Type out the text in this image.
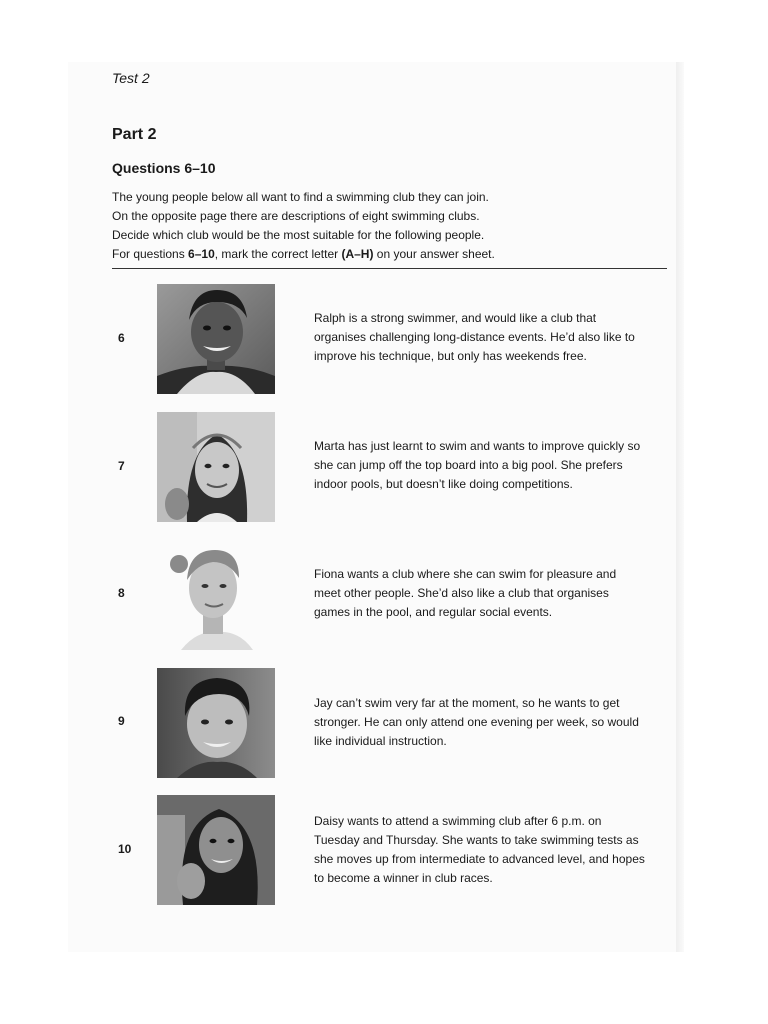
Test 2
Part 2
Questions 6–10
The young people below all want to find a swimming club they can join.
On the opposite page there are descriptions of eight swimming clubs.
Decide which club would be the most suitable for the following people.
For questions 6–10, mark the correct letter (A–H) on your answer sheet.
6
Ralph is a strong swimmer, and would like a club that
organises challenging long-distance events. He’d also like to
improve his technique, but only has weekends free.
7
Marta has just learnt to swim and wants to improve quickly so
she can jump off the top board into a big pool. She prefers
indoor pools, but doesn’t like doing competitions.
8
Fiona wants a club where she can swim for pleasure and
meet other people. She’d also like a club that organises
games in the pool, and regular social events.
9
Jay can’t swim very far at the moment, so he wants to get
stronger. He can only attend one evening per week, so would
like individual instruction.
10
Daisy wants to attend a swimming club after 6 p.m. on
Tuesday and Thursday. She wants to take swimming tests as
she moves up from intermediate to advanced level, and hopes
to become a winner in club races.
